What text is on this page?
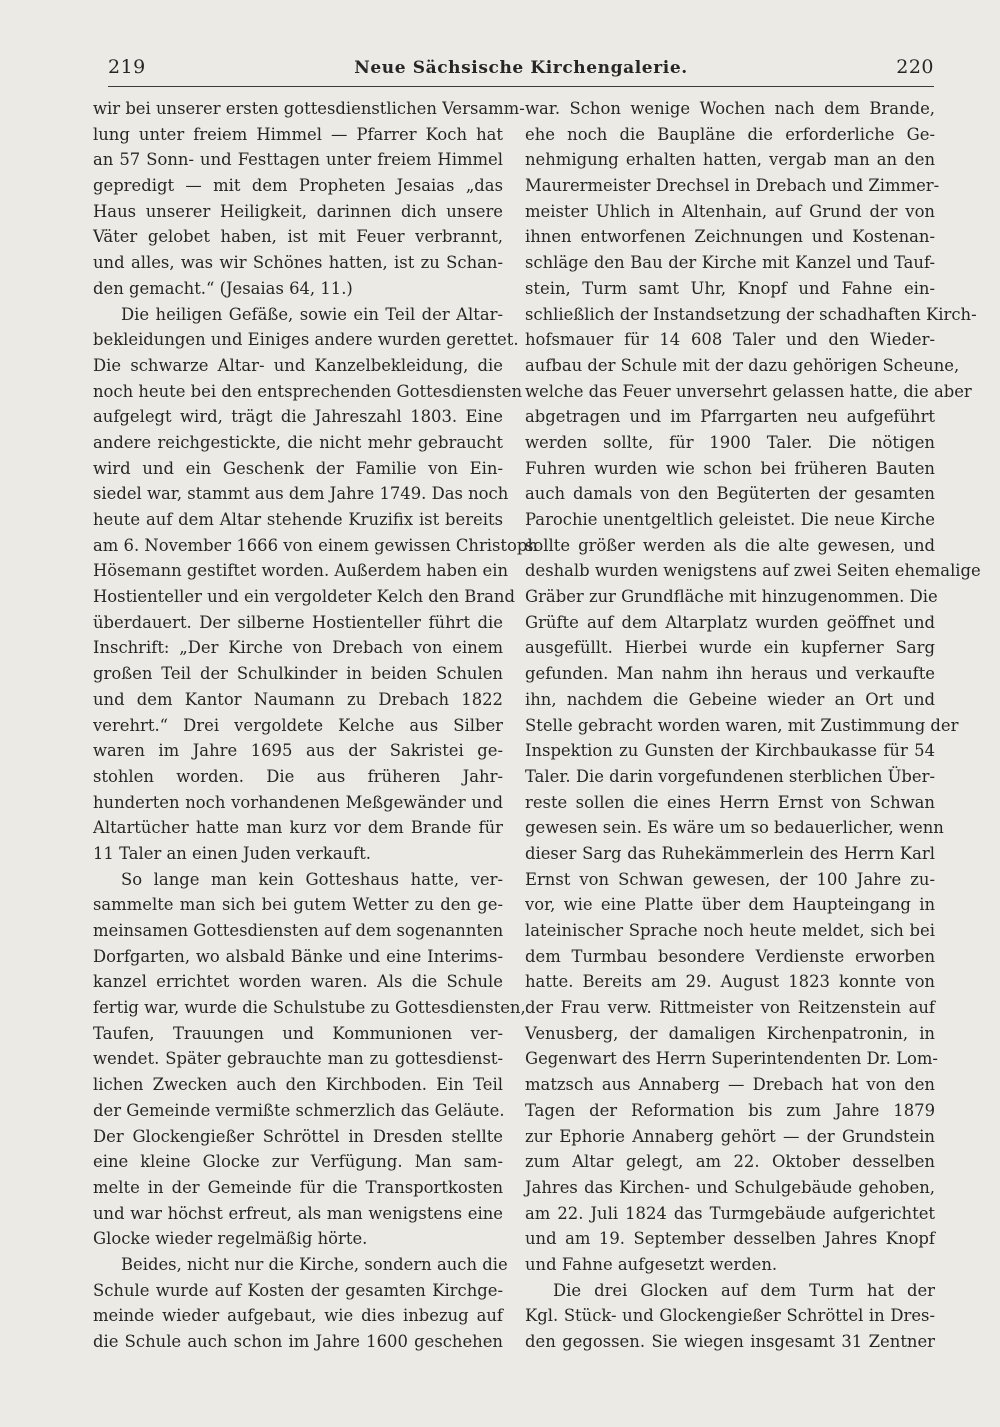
219	Neue Sächsische Kirchengalerie.	220
wir bei unserer ersten gottesdienstlichen Versamm-
lung unter freiem Himmel — Pfarrer Koch hat
an 57 Sonn- und Festtagen unter freiem Himmel
gepredigt — mit dem Propheten Jesaias „das
Haus unserer Heiligkeit, darinnen dich unsere
Väter gelobet haben, ist mit Feuer verbrannt,
und alles, was wir Schönes hatten, ist zu Schan-
den gemacht.“ (Jesaias 64, 11.)
Die heiligen Gefäße, sowie ein Teil der Altar-
bekleidungen und Einiges andere wurden gerettet.
Die schwarze Altar- und Kanzelbekleidung, die
noch heute bei den entsprechenden Gottesdiensten
aufgelegt wird, trägt die Jahreszahl 1803. Eine
andere reichgestickte, die nicht mehr gebraucht
wird und ein Geschenk der Familie von Ein-
siedel war, stammt aus dem Jahre 1749. Das noch
heute auf dem Altar stehende Kruzifix ist bereits
am 6. November 1666 von einem gewissen Christoph
Hösemann gestiftet worden. Außerdem haben ein
Hostienteller und ein vergoldeter Kelch den Brand
überdauert. Der silberne Hostienteller führt die
Inschrift: „Der Kirche von Drebach von einem
großen Teil der Schulkinder in beiden Schulen
und dem Kantor Naumann zu Drebach 1822
verehrt.“ Drei vergoldete Kelche aus Silber
waren im Jahre 1695 aus der Sakristei ge-
stohlen worden. Die aus früheren Jahr-
hunderten noch vorhandenen Meßgewänder und
Altartücher hatte man kurz vor dem Brande für
11 Taler an einen Juden verkauft.
So lange man kein Gotteshaus hatte, ver-
sammelte man sich bei gutem Wetter zu den ge-
meinsamen Gottesdiensten auf dem sogenannten
Dorfgarten, wo alsbald Bänke und eine Interims-
kanzel errichtet worden waren. Als die Schule
fertig war, wurde die Schulstube zu Gottesdiensten,
Taufen, Trauungen und Kommunionen ver-
wendet. Später gebrauchte man zu gottesdienst-
lichen Zwecken auch den Kirchboden. Ein Teil
der Gemeinde vermißte schmerzlich das Geläute.
Der Glockengießer Schröttel in Dresden stellte
eine kleine Glocke zur Verfügung. Man sam-
melte in der Gemeinde für die Transportkosten
und war höchst erfreut, als man wenigstens eine
Glocke wieder regelmäßig hörte.
Beides, nicht nur die Kirche, sondern auch die
Schule wurde auf Kosten der gesamten Kirchge-
meinde wieder aufgebaut, wie dies inbezug auf
die Schule auch schon im Jahre 1600 geschehen
war. Schon wenige Wochen nach dem Brande,
ehe noch die Baupläne die erforderliche Ge-
nehmigung erhalten hatten, vergab man an den
Maurermeister Drechsel in Drebach und Zimmer-
meister Uhlich in Altenhain, auf Grund der von
ihnen entworfenen Zeichnungen und Kostenan-
schläge den Bau der Kirche mit Kanzel und Tauf-
stein, Turm samt Uhr, Knopf und Fahne ein-
schließlich der Instandsetzung der schadhaften Kirch-
hofsmauer für 14 608 Taler und den Wieder-
aufbau der Schule mit der dazu gehörigen Scheune,
welche das Feuer unversehrt gelassen hatte, die aber
abgetragen und im Pfarrgarten neu aufgeführt
werden sollte, für 1900 Taler. Die nötigen
Fuhren wurden wie schon bei früheren Bauten
auch damals von den Begüterten der gesamten
Parochie unentgeltlich geleistet. Die neue Kirche
sollte größer werden als die alte gewesen, und
deshalb wurden wenigstens auf zwei Seiten ehemalige
Gräber zur Grundfläche mit hinzugenommen. Die
Grüfte auf dem Altarplatz wurden geöffnet und
ausgefüllt. Hierbei wurde ein kupferner Sarg
gefunden. Man nahm ihn heraus und verkaufte
ihn, nachdem die Gebeine wieder an Ort und
Stelle gebracht worden waren, mit Zustimmung der
Inspektion zu Gunsten der Kirchbaukasse für 54
Taler. Die darin vorgefundenen sterblichen Über-
reste sollen die eines Herrn Ernst von Schwan
gewesen sein. Es wäre um so bedauerlicher, wenn
dieser Sarg das Ruhekämmerlein des Herrn Karl
Ernst von Schwan gewesen, der 100 Jahre zu-
vor, wie eine Platte über dem Haupteingang in
lateinischer Sprache noch heute meldet, sich bei
dem Turmbau besondere Verdienste erworben
hatte. Bereits am 29. August 1823 konnte von
der Frau verw. Rittmeister von Reitzenstein auf
Venusberg, der damaligen Kirchenpatronin, in
Gegenwart des Herrn Superintendenten Dr. Lom-
matzsch aus Annaberg — Drebach hat von den
Tagen der Reformation bis zum Jahre 1879
zur Ephorie Annaberg gehört — der Grundstein
zum Altar gelegt, am 22. Oktober desselben
Jahres das Kirchen- und Schulgebäude gehoben,
am 22. Juli 1824 das Turmgebäude aufgerichtet
und am 19. September desselben Jahres Knopf
und Fahne aufgesetzt werden.
Die drei Glocken auf dem Turm hat der
Kgl. Stück- und Glockengießer Schröttel in Dres-
den gegossen. Sie wiegen insgesamt 31 Zentner
